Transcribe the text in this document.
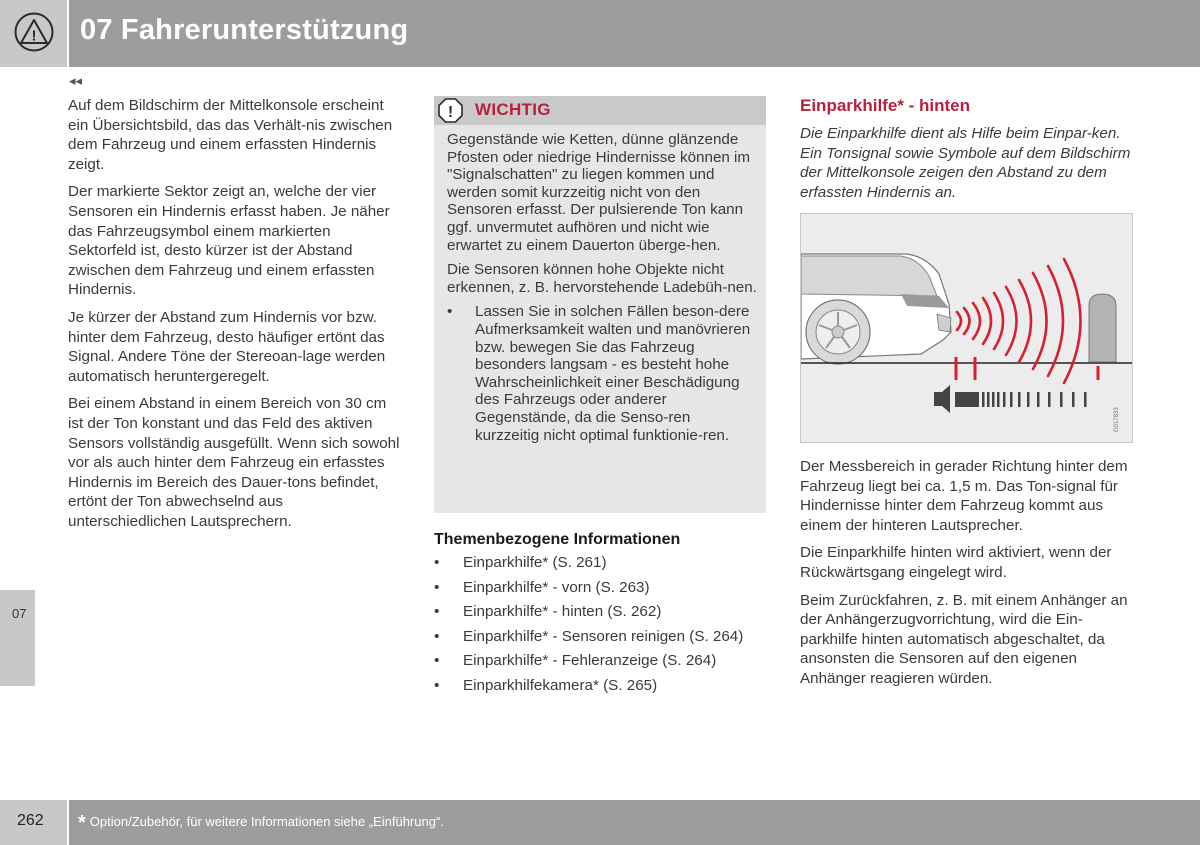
! 07 Fahrerunterstützung
◂◂
07

Auf dem Bildschirm der Mittelkonsole erscheint ein Übersichtsbild, das das Verhält-nis zwischen dem Fahrzeug und einem erfassten Hindernis zeigt.

Der markierte Sektor zeigt an, welche der vier Sensoren ein Hindernis erfasst haben. Je näher das Fahrzeugsymbol einem markierten Sektorfeld ist, desto kürzer ist der Abstand zwischen dem Fahrzeug und einem erfassten Hindernis.

Je kürzer der Abstand zum Hindernis vor bzw. hinter dem Fahrzeug, desto häufiger ertönt das Signal. Andere Töne der Stereoan-lage werden automatisch heruntergeregelt.

Bei einem Abstand in einem Bereich von 30 cm ist der Ton konstant und das Feld des aktiven Sensors vollständig ausgefüllt. Wenn sich sowohl vor als auch hinter dem Fahrzeug ein erfasstes Hindernis im Bereich des Dauer-tons befindet, ertönt der Ton abwechselnd aus unterschiedlichen Lautsprechern.

! WICHTIG

Gegenstände wie Ketten, dünne glänzende Pfosten oder niedrige Hindernisse können im "Signalschatten" zu liegen kommen und werden somit kurzzeitig nicht von den Sensoren erfasst. Der pulsierende Ton kann ggf. unvermutet aufhören und nicht wie erwartet zu einem Dauerton überge-hen.

Die Sensoren können hohe Objekte nicht erkennen, z. B. hervorstehende Ladebüh-nen.

• Lassen Sie in solchen Fällen beson-dere Aufmerksamkeit walten und manövrieren bzw. bewegen Sie das Fahrzeug besonders langsam - es besteht hohe Wahrscheinlichkeit einer Beschädigung des Fahrzeugs oder anderer Gegenstände, da die Senso-ren kurzzeitig nicht optimal funktionie-ren.

Themenbezogene Informationen

• Einparkhilfe* (S. 261)
• Einparkhilfe* - vorn (S. 263)
• Einparkhilfe* - hinten (S. 262)
• Einparkhilfe* - Sensoren reinigen (S. 264)
• Einparkhilfe* - Fehleranzeige (S. 264)
• Einparkhilfekamera* (S. 265)

Einparkhilfe* - hinten

Die Einparkhilfe dient als Hilfe beim Einpar-ken. Ein Tonsignal sowie Symbole auf dem Bildschirm der Mittelkonsole zeigen den Abstand zu dem erfassten Hindernis an.

G017833

Der Messbereich in gerader Richtung hinter dem Fahrzeug liegt bei ca. 1,5 m. Das Ton-signal für Hindernisse hinter dem Fahrzeug kommt aus einem der hinteren Lautsprecher.

Die Einparkhilfe hinten wird aktiviert, wenn der Rückwärtsgang eingelegt wird.

Beim Zurückfahren, z. B. mit einem Anhänger an der Anhängerzugvorrichtung, wird die Ein-parkhilfe hinten automatisch abgeschaltet, da ansonsten die Sensoren auf den eigenen Anhänger reagieren würden.

262 * Option/Zubehör, für weitere Informationen siehe „Einführung“.
